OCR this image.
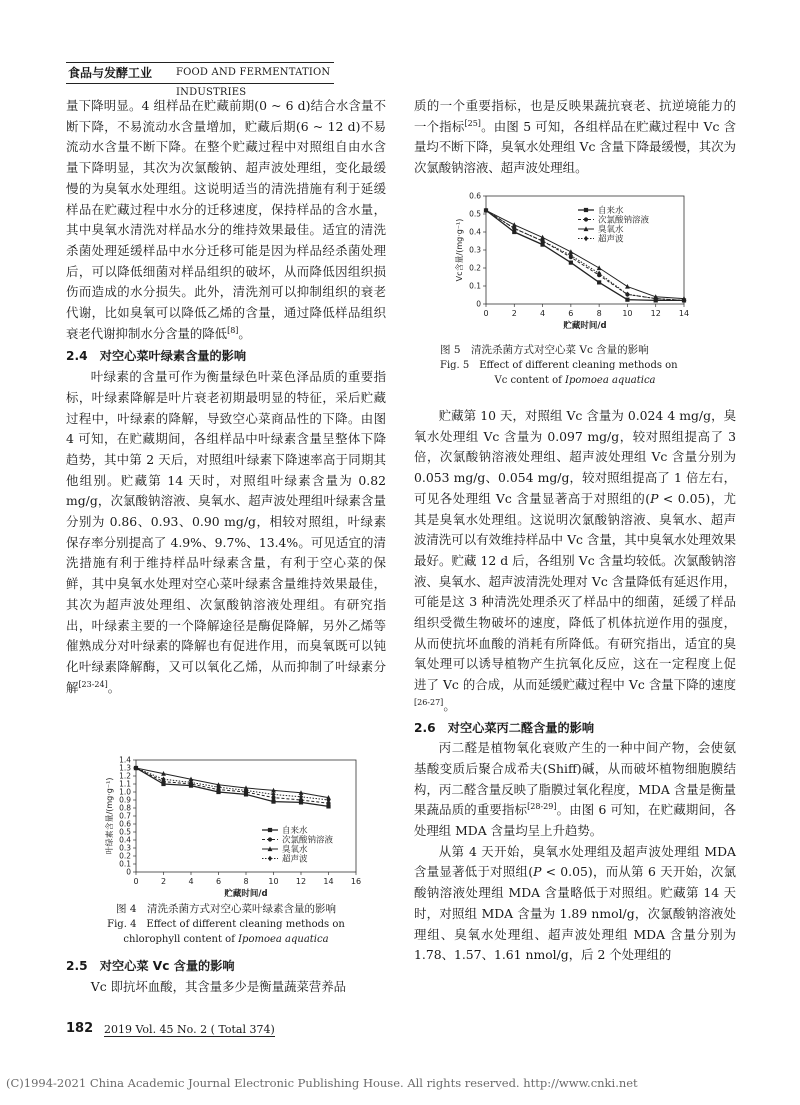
食品与发酵工业 FOOD AND FERMENTATION INDUSTRIES

量下降明显。4 组样品在贮藏前期(0 ~ 6 d)结合水含量不断下降，不易流动水含量增加，贮藏后期(6 ~ 12 d)不易流动水含量不断下降。在整个贮藏过程中对照组自由水含量下降明显，其次为次氯酸钠、超声波处理组，变化最缓慢的为臭氧水处理组。这说明适当的清洗措施有利于延缓样品在贮藏过程中水分的迁移速度，保持样品的含水量，其中臭氧水清洗对样品水分的维持效果最佳。适宜的清洗杀菌处理延缓样品中水分迁移可能是因为样品经杀菌处理后，可以降低细菌对样品组织的破坏，从而降低因组织损伤而造成的水分损失。此外，清洗剂可以抑制组织的衰老代谢，比如臭氧可以降低乙烯的含量，通过降低样品组织衰老代谢抑制水分含量的降低[8]。

2.4　对空心菜叶绿素含量的影响

叶绿素的含量可作为衡量绿色叶菜色泽品质的重要指标，叶绿素降解是叶片衰老初期最明显的特征，采后贮藏过程中，叶绿素的降解，导致空心菜商品性的下降。由图 4 可知，在贮藏期间，各组样品中叶绿素含量呈整体下降趋势，其中第 2 天后，对照组叶绿素下降速率高于同期其他组别。贮藏第 14 天时，对照组叶绿素含量为 0.82 mg/g，次氯酸钠溶液、臭氧水、超声波处理组叶绿素含量分别为 0.86、0.93、0.90 mg/g，相较对照组，叶绿素保存率分别提高了 4.9%、9.7%、13.4%。可见适宜的清洗措施有利于维持样品叶绿素含量，有利于空心菜的保鲜，其中臭氧水处理对空心菜叶绿素含量维持效果最佳，其次为超声波处理组、次氯酸钠溶液处理组。有研究指出，叶绿素主要的一个降解途径是酶促降解，另外乙烯等催熟成分对叶绿素的降解也有促进作用，而臭氧既可以钝化叶绿素降解酶，又可以氧化乙烯，从而抑制了叶绿素分解[23-24]。

0	2	4	6	8 10 12 14 16
0
0.1
0.2
0.3
0.4
0.5
0.6
0.7
0.8
0.9
1.0
1.1
1.2
1.3
1.4
贮藏时间/d
叶绿素含量/(mg·g⁻¹)	自来水
次氯酸钠溶液
臭氧水
超声波
图 4　清洗杀菌方式对空心菜叶绿素含量的影响
Fig. 4　Effect of different cleaning methods on
chlorophyll content of Ipomoea aquatica

2.5　对空心菜 Vc 含量的影响

Vc 即抗坏血酸，其含量多少是衡量蔬菜营养品

质的一个重要指标，也是反映果蔬抗衰老、抗逆境能力的一个指标[25]。由图 5 可知，各组样品在贮藏过程中 Vc 含量均不断下降，臭氧水处理组 Vc 含量下降最缓慢，其次为次氯酸钠溶液、超声波处理组。

0	2	4	6	8	10 12 14
0
0.1
0.2
0.3
0.4
0.5
0.6
贮藏时间/d
Vc含量/(mg·g⁻¹)
自来水
次氯酸钠溶液
臭氧水
超声波
图 5　清洗杀菌方式对空心菜 Vc 含量的影响
Fig. 5　Effect of different cleaning methods on
Vc content of Ipomoea aquatica

贮藏第 10 天，对照组 Vc 含量为 0.024 4 mg/g，臭氧水处理组 Vc 含量为 0.097 mg/g，较对照组提高了 3 倍，次氯酸钠溶液处理组、超声波处理组 Vc 含量分别为 0.053 mg/g、0.054 mg/g，较对照组提高了 1 倍左右，可见各处理组 Vc 含量显著高于对照组的(P < 0.05)，尤其是臭氧水处理组。这说明次氯酸钠溶液、臭氧水、超声波清洗可以有效维持样品中 Vc 含量，其中臭氧水处理效果最好。贮藏 12 d 后，各组别 Vc 含量均较低。次氯酸钠溶液、臭氧水、超声波清洗处理对 Vc 含量降低有延迟作用，可能是这 3 种清洗处理杀灭了样品中的细菌，延缓了样品组织受微生物破坏的速度，降低了机体抗逆作用的强度，从而使抗坏血酸的消耗有所降低。有研究指出，适宜的臭氧处理可以诱导植物产生抗氧化反应，这在一定程度上促进了 Vc 的合成，从而延缓贮藏过程中 Vc 含量下降的速度[26-27]。

2.6　对空心菜丙二醛含量的影响

丙二醛是植物氧化衰败产生的一种中间产物，会使氨基酸变质后聚合成希夫(Shiff)碱，从而破坏植物细胞膜结构，丙二醛含量反映了脂膜过氧化程度，MDA 含量是衡量果蔬品质的重要指标[28-29]。由图 6 可知，在贮藏期间，各处理组 MDA 含量均呈上升趋势。

从第 4 天开始，臭氧水处理组及超声波处理组 MDA 含量显著低于对照组(P < 0.05)，而从第 6 天开始，次氯酸钠溶液处理组 MDA 含量略低于对照组。贮藏第 14 天时，对照组 MDA 含量为 1.89 nmol/g，次氯酸钠溶液处理组、臭氧水处理组、超声波处理组 MDA 含量分别为 1.78、1.57、1.61 nmol/g，后 2 个处理组的

182 2019 Vol. 45 No. 2 ( Total 374)
(C)1994-2021 China Academic Journal Electronic Publishing House. All rights reserved. http://www.cnki.net
